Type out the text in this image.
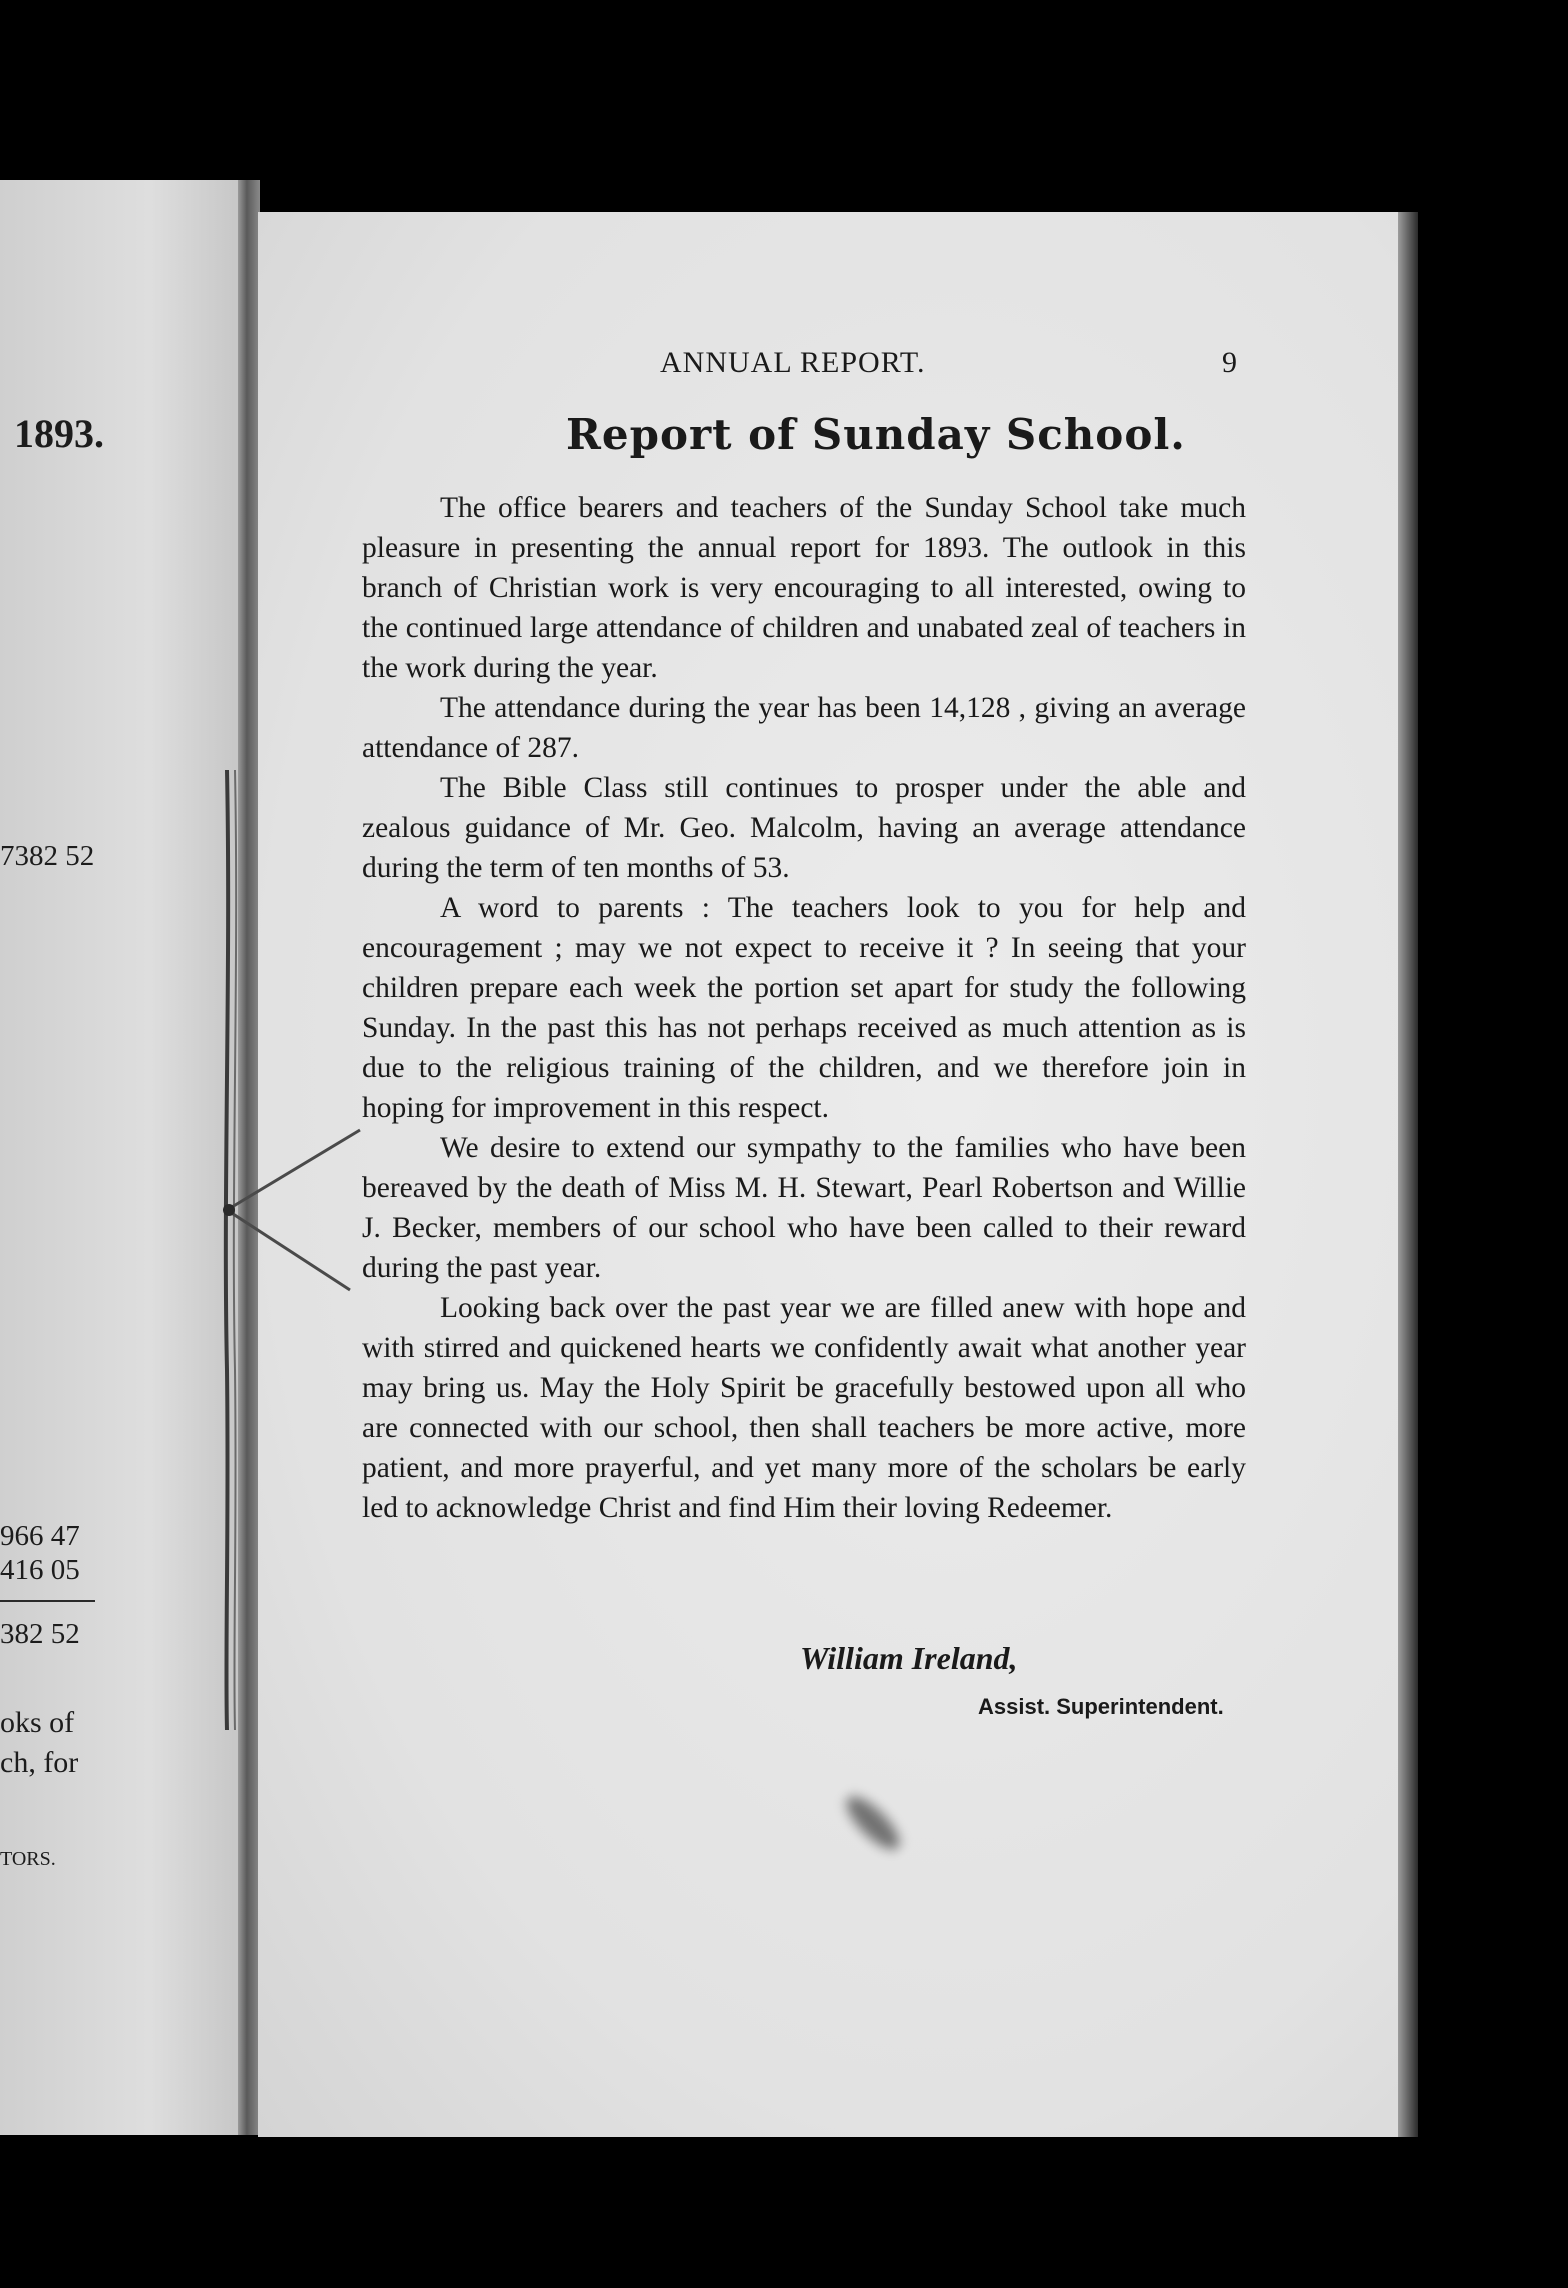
1893.
7382 52
966 47
416 05
382 52
oks of
ch, for
TORS.
ANNUAL REPORT.	9
Report of Sunday School.

The office bearers and teachers of the Sunday School take much pleasure in presenting the annual report for 1893. The outlook in this branch of Christian work is very encouraging to all interested, owing to the continued large attendance of children and unabated zeal of teachers in the work during the year.

The attendance during the year has been 14,128 , giving an average attendance of 287.

The Bible Class still continues to prosper under the able and zealous guidance of Mr. Geo. Malcolm, having an average attendance during the term of ten months of 53.

A word to parents : The teachers look to you for help and encouragement ; may we not expect to receive it ? In seeing that your children prepare each week the portion set apart for study the following Sunday. In the past this has not perhaps received as much attention as is due to the religious training of the children, and we therefore join in hoping for improvement in this respect.

We desire to extend our sympathy to the families who have been bereaved by the death of Miss M. H. Stewart, Pearl Robertson and Willie J. Becker, members of our school who have been called to their reward during the past year.

Looking back over the past year we are filled anew with hope and with stirred and quickened hearts we confidently await what another year may bring us. May the Holy Spirit be gracefully bestowed upon all who are connected with our school, then shall teachers be more active, more patient, and more prayerful, and yet many more of the scholars be early led to acknowledge Christ and find Him their loving Redeemer.

William Ireland,
Assist. Superintendent.
